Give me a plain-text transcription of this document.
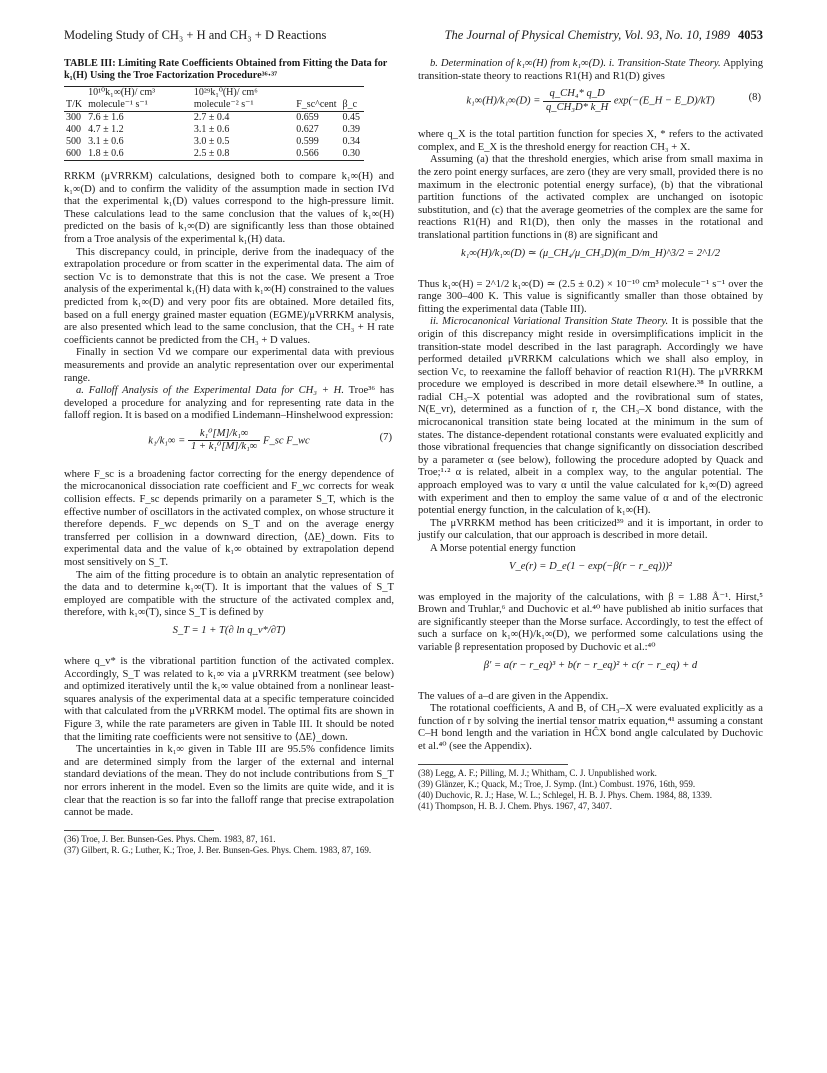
Modeling Study of CH₃ + H and CH₃ + D Reactions	The Journal of Physical Chemistry, Vol. 93, No. 10, 1989 4053
TABLE III: Limiting Rate Coefficients Obtained from Fitting the Data for k₁(H) Using the Troe Factorization Procedure³⁶·³⁷
T/K	10¹⁰k₁∞(H)/ cm³ molecule⁻¹ s⁻¹	10²⁹k₁⁰(H)/ cm⁶ molecule⁻² s⁻¹	F_sc^cent	β_c

300	7.6 ± 1.6	2.7 ± 0.4	0.659	0.45
400	4.7 ± 1.2	3.1 ± 0.6	0.627	0.39
500	3.1 ± 0.6	3.0 ± 0.5	0.599	0.34
600	1.8 ± 0.6	2.5 ± 0.8	0.566	0.30

RRKM (μVRRKM) calculations, designed both to compare k₁∞(H) and k₁∞(D) and to confirm the validity of the assumption made in section IVd that the experimental k₁(D) values correspond to the high-pressure limit. These calculations lead to the same conclusion that the values of k₁∞(H) predicted on the basis of k₁∞(D) are significantly less than those obtained from a Troe analysis of the experimental k₁(H) data.

This discrepancy could, in principle, derive from the inadequacy of the extrapolation procedure or from scatter in the experimental data. The aim of section Vc is to demonstrate that this is not the case. We present a Troe analysis of the experimental k₁(H) data with k₁∞(H) constrained to the values predicted from k₁∞(D) and very poor fits are obtained. More detailed fits, based on a full energy grained master equation (EGME)/μVRRKM analysis, are also presented which lead to the same conclusion, that the CH₃ + H rate coefficients cannot be predicted from the CH₃ + D values.

Finally in section Vd we compare our experimental data with previous measurements and provide an analytic representation over our experimental range.

a. Falloff Analysis of the Experimental Data for CH₃ + H. Troe³⁶ has developed a procedure for analyzing and for representing rate data in the falloff region. It is based on a modified Lindemann–Hinshelwood expression:

$k_1/k_1\infty = \frac{\text{k₁⁰[M]/k₁∞}}{\text{1 + k₁⁰[M]/k₁∞}}$ F_sc F_wc	(7)

where F_sc is a broadening factor correcting for the energy dependence of the microcanonical dissociation rate coefficient and F_wc corrects for weak collision effects. F_sc depends primarily on a parameter S_T, which is the effective number of oscillators in the activated complex, on whose structure it therefore depends. F_wc depends on S_T and on the average energy transferred per collision in a downward direction, ⟨ΔE⟩_down. Fits to experimental data and the value of k₁∞ obtained by extrapolation depend most sensitively on S_T.

The aim of the fitting procedure is to obtain an analytic representation of the data and to determine k₁∞(T). It is important that the values of S_T employed are compatible with the structure of the activated complex and, therefore, with k₁∞(T), since S_T is defined by

S_T = 1 + T(∂ ln q_v*/∂T)

where q_v* is the vibrational partition function of the activated complex. Accordingly, S_T was related to k₁∞ via a μVRRKM treatment (see below) and optimized iteratively until the k₁∞ value obtained from a nonlinear least-squares analysis of the experimental data at a specific temperature coincided with that calculated from the μVRRKM model. The optimal fits are shown in Figure 3, while the rate parameters are given in Table III. It should be noted that the limiting rate coefficients were not sensitive to ⟨ΔE⟩_down.

The uncertainties in k₁∞ given in Table III are 95.5% confidence limits and are determined simply from the larger of the external and internal standard deviations of the mean. They do not include contributions from S_T nor errors inherent in the model. Even so the limits are quite wide, and it is clear that the reaction is so far into the falloff range that precise extrapolation cannot be made.

(36) Troe, J. Ber. Bunsen-Ges. Phys. Chem. 1983, 87, 161.
(37) Gilbert, R. G.; Luther, K.; Troe, J. Ber. Bunsen-Ges. Phys. Chem. 1983, 87, 169.

b. Determination of k₁∞(H) from k₁∞(D). i. Transition-State Theory. Applying transition-state theory to reactions R1(H) and R1(D) gives

$k_1\infty(H)/k_1\infty(D) = \frac{\text{q\_CH₄* q\_D}}{\text{q\_CH₃D* k\_H}}$ exp(−(E_H − E_D)/kT)	(8)

where q_X is the total partition function for species X, * refers to the activated complex, and E_X is the threshold energy for reaction CH₃ + X.

Assuming (a) that the threshold energies, which arise from small maxima in the zero point energy surfaces, are zero (they are very small, provided there is no maximum in the electronic potential energy surface), (b) that the vibrational partition functions of the activated complex are unchanged on isotopic substitution, and (c) that the average geometries of the complex are the same for reactions R1(H) and R1(D), then only the masses in the rotational and translational partition functions in (8) are significant and

k₁∞(H)/k₁∞(D) ≃ (μ_CH₄/μ_CH₃D)(m_D/m_H)^3/2 = 2^1/2

Thus k₁∞(H) = 2^1/2 k₁∞(D) ≃ (2.5 ± 0.2) × 10⁻¹⁰ cm³ molecule⁻¹ s⁻¹ over the range 300–400 K. This value is significantly smaller than those obtained by fitting the experimental data (Table III).

ii. Microcanonical Variational Transition State Theory. It is possible that the origin of this discrepancy might reside in oversimplifications implicit in the transition-state model described in the last paragraph. Accordingly we have performed detailed μVRRKM calculations which we shall also employ, in section Vc, to reexamine the falloff behavior of reaction R1(H). The μVRRKM procedure we employed is described in more detail elsewhere.³⁸ In outline, a radial CH₃–X potential was adopted and the rovibrational sum of states, N(E_vr), determined as a function of r, the CH₃–X bond distance, with the microcanonical transition state being located at the minimum in the sum of states. The distance-dependent rotational constants were evaluated explicitly and those vibrational frequencies that change significantly on dissociation described by a parameter α (see below), following the procedure adopted by Quack and Troe;¹·² α is related, albeit in a complex way, to the angular potential. The approach employed was to vary α until the value calculated for k₁∞(D) agreed with experiment and then to employ the same value of α and of the electronic potential energy function, in the calculation of k₁∞(H).

The μVRRKM method has been criticized³⁹ and it is important, in order to justify our calculation, that our approach is described in more detail.

A Morse potential energy function

V_e(r) = D_e(1 − exp(−β(r − r_eq)))²

was employed in the majority of the calculations, with β = 1.88 Å⁻¹. Hirst,⁵ Brown and Truhlar,⁶ and Duchovic et al.⁴⁰ have published ab initio surfaces that are significantly steeper than the Morse surface. Accordingly, to test the effect of such a surface on k₁∞(H)/k₁∞(D), we performed some calculations using the variable β representation proposed by Duchovic et al.:⁴⁰

β′ = a(r − r_eq)³ + b(r − r_eq)² + c(r − r_eq) + d

The values of a–d are given in the Appendix.

The rotational coefficients, A and B, of CH₃–X were evaluated explicitly as a function of r by solving the inertial tensor matrix equation,⁴¹ assuming a constant C–H bond length and the variation in HĈX bond angle calculated by Duchovic et al.⁴⁰ (see the Appendix).

(38) Legg, A. F.; Pilling, M. J.; Whitham, C. J. Unpublished work.
(39) Glänzer, K.; Quack, M.; Troe, J. Symp. (Int.) Combust. 1976, 16th, 959.
(40) Duchovic, R. J.; Hase, W. L.; Schlegel, H. B. J. Phys. Chem. 1984, 88, 1339.
(41) Thompson, H. B. J. Chem. Phys. 1967, 47, 3407.
